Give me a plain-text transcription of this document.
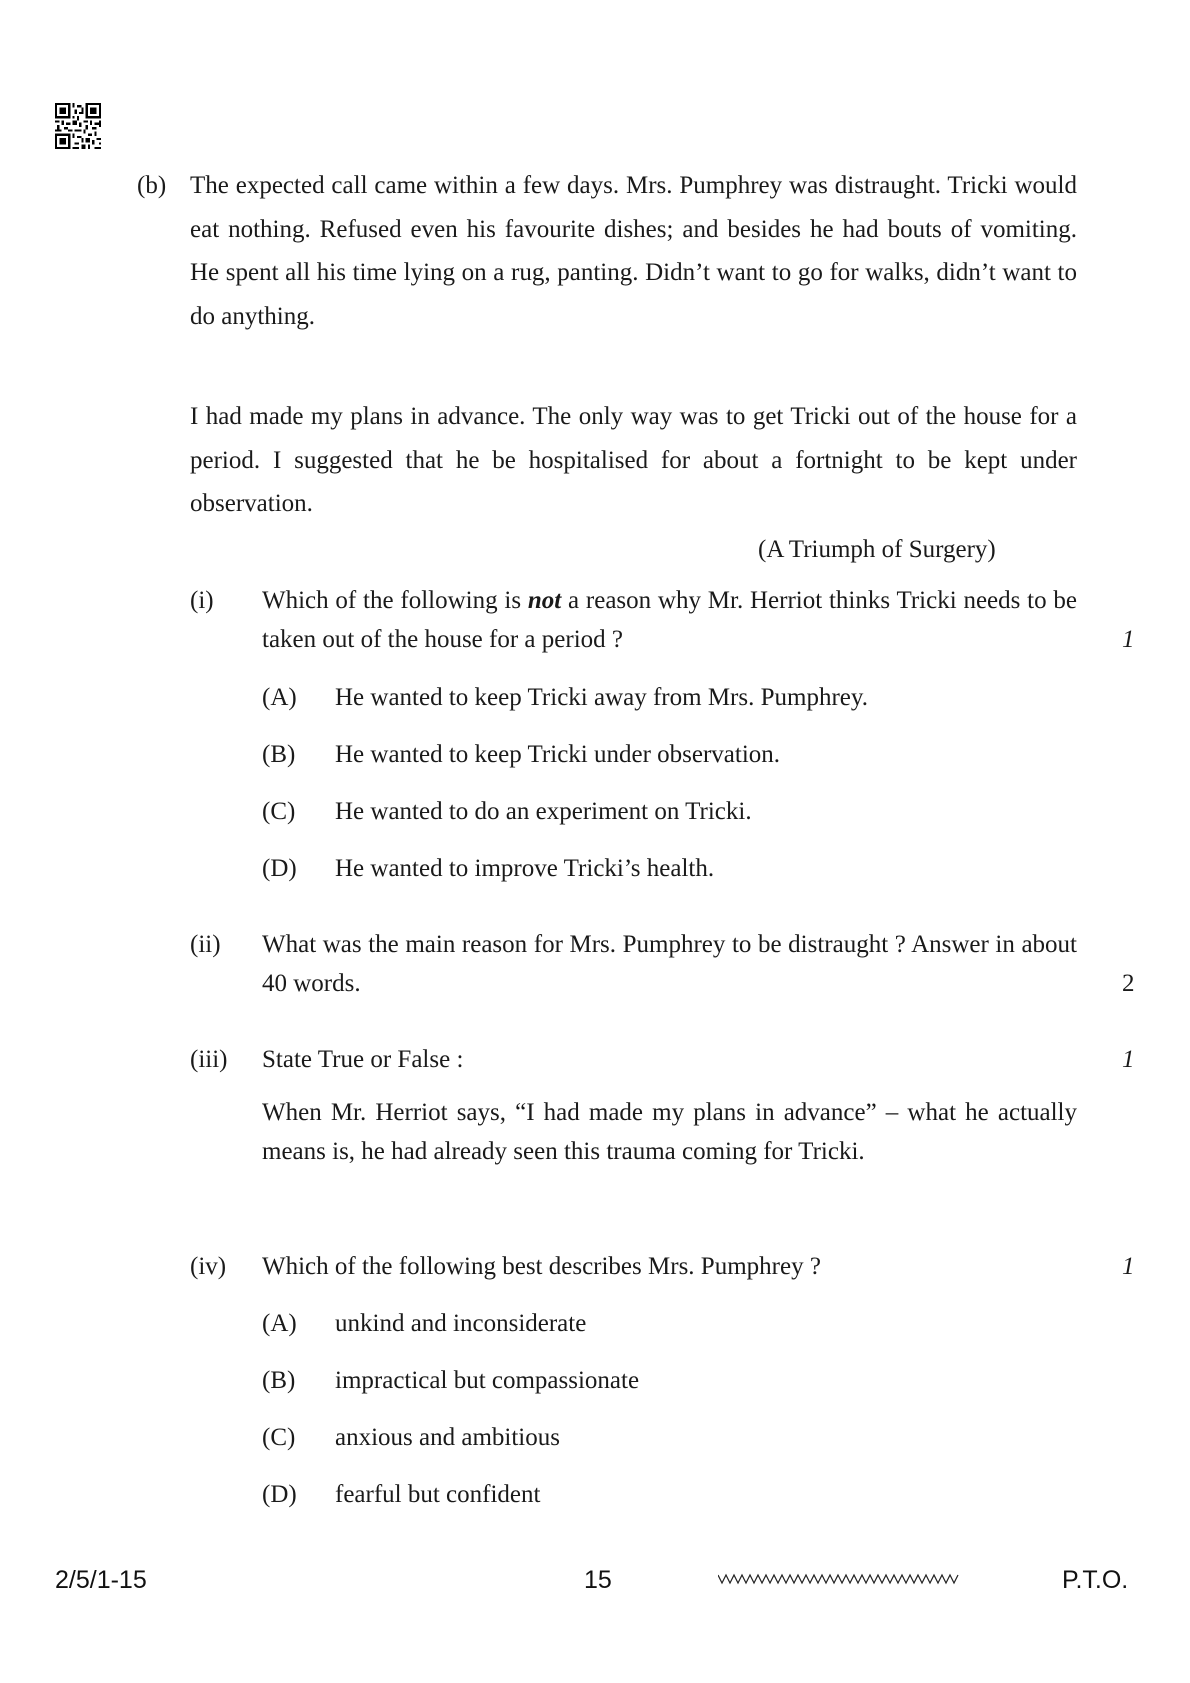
(b) The expected call came within a few days. Mrs. Pumphrey was distraught. Tricki would eat nothing. Refused even his favourite dishes; and besides he had bouts of vomiting. He spent all his time lying on a rug, panting. Didn’t want to go for walks, didn’t want to do anything.
I had made my plans in advance. The only way was to get Tricki out of the house for a period. I suggested that he be hospitalised for about a fortnight to be kept under observation.
(A Triumph of Surgery)
(i) Which of the following is not a reason why Mr. Herriot thinks Tricki needs to be taken out of the house for a period ?	1
(A) He wanted to keep Tricki away from Mrs. Pumphrey.
(B) He wanted to keep Tricki under observation.
(C) He wanted to do an experiment on Tricki.
(D) He wanted to improve Tricki’s health.
(ii) What was the main reason for Mrs. Pumphrey to be distraught ? Answer in about 40 words.	2
(iii) State True or False :	1
When Mr. Herriot says, “I had made my plans in advance” – what he actually means is, he had already seen this trauma coming for Tricki.
(iv) Which of the following best describes Mrs. Pumphrey ?	1
(A) unkind and inconsiderate
(B) impractical but compassionate
(C) anxious and ambitious
(D) fearful but confident
2/5/1-15	15	P.T.O.
